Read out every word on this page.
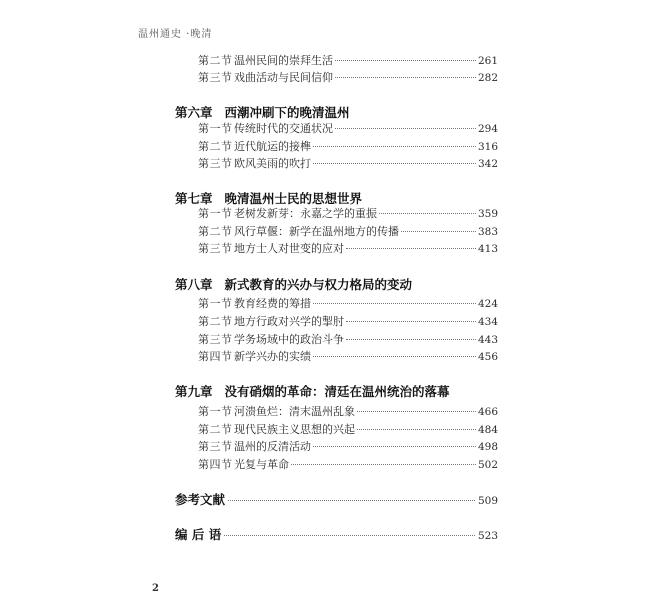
温州通史 ·晚清
第二节 温州民间的崇拜生活	261
第三节 戏曲活动与民间信仰	282
第六章 西潮冲刷下的晚清温州
第一节 传统时代的交通状况	294
第二节 近代航运的接榫	316
第三节 欧风美雨的吹打	342
第七章 晚清温州士民的思想世界
第一节 老树发新芽：永嘉之学的重振	359
第二节 风行草偃：新学在温州地方的传播	383
第三节 地方士人对世变的应对	413
第八章 新式教育的兴办与权力格局的变动
第一节 教育经费的筹措	424
第二节 地方行政对兴学的掣肘	434
第三节 学务场域中的政治斗争	443
第四节 新学兴办的实绩	456
第九章 没有硝烟的革命：清廷在温州统治的落幕
第一节 河溃鱼烂：清末温州乱象	466
第二节 现代民族主义思想的兴起	484
第三节 温州的反清活动	498
第四节 光复与革命	502
参考文献	509
编 后 语	523
2
